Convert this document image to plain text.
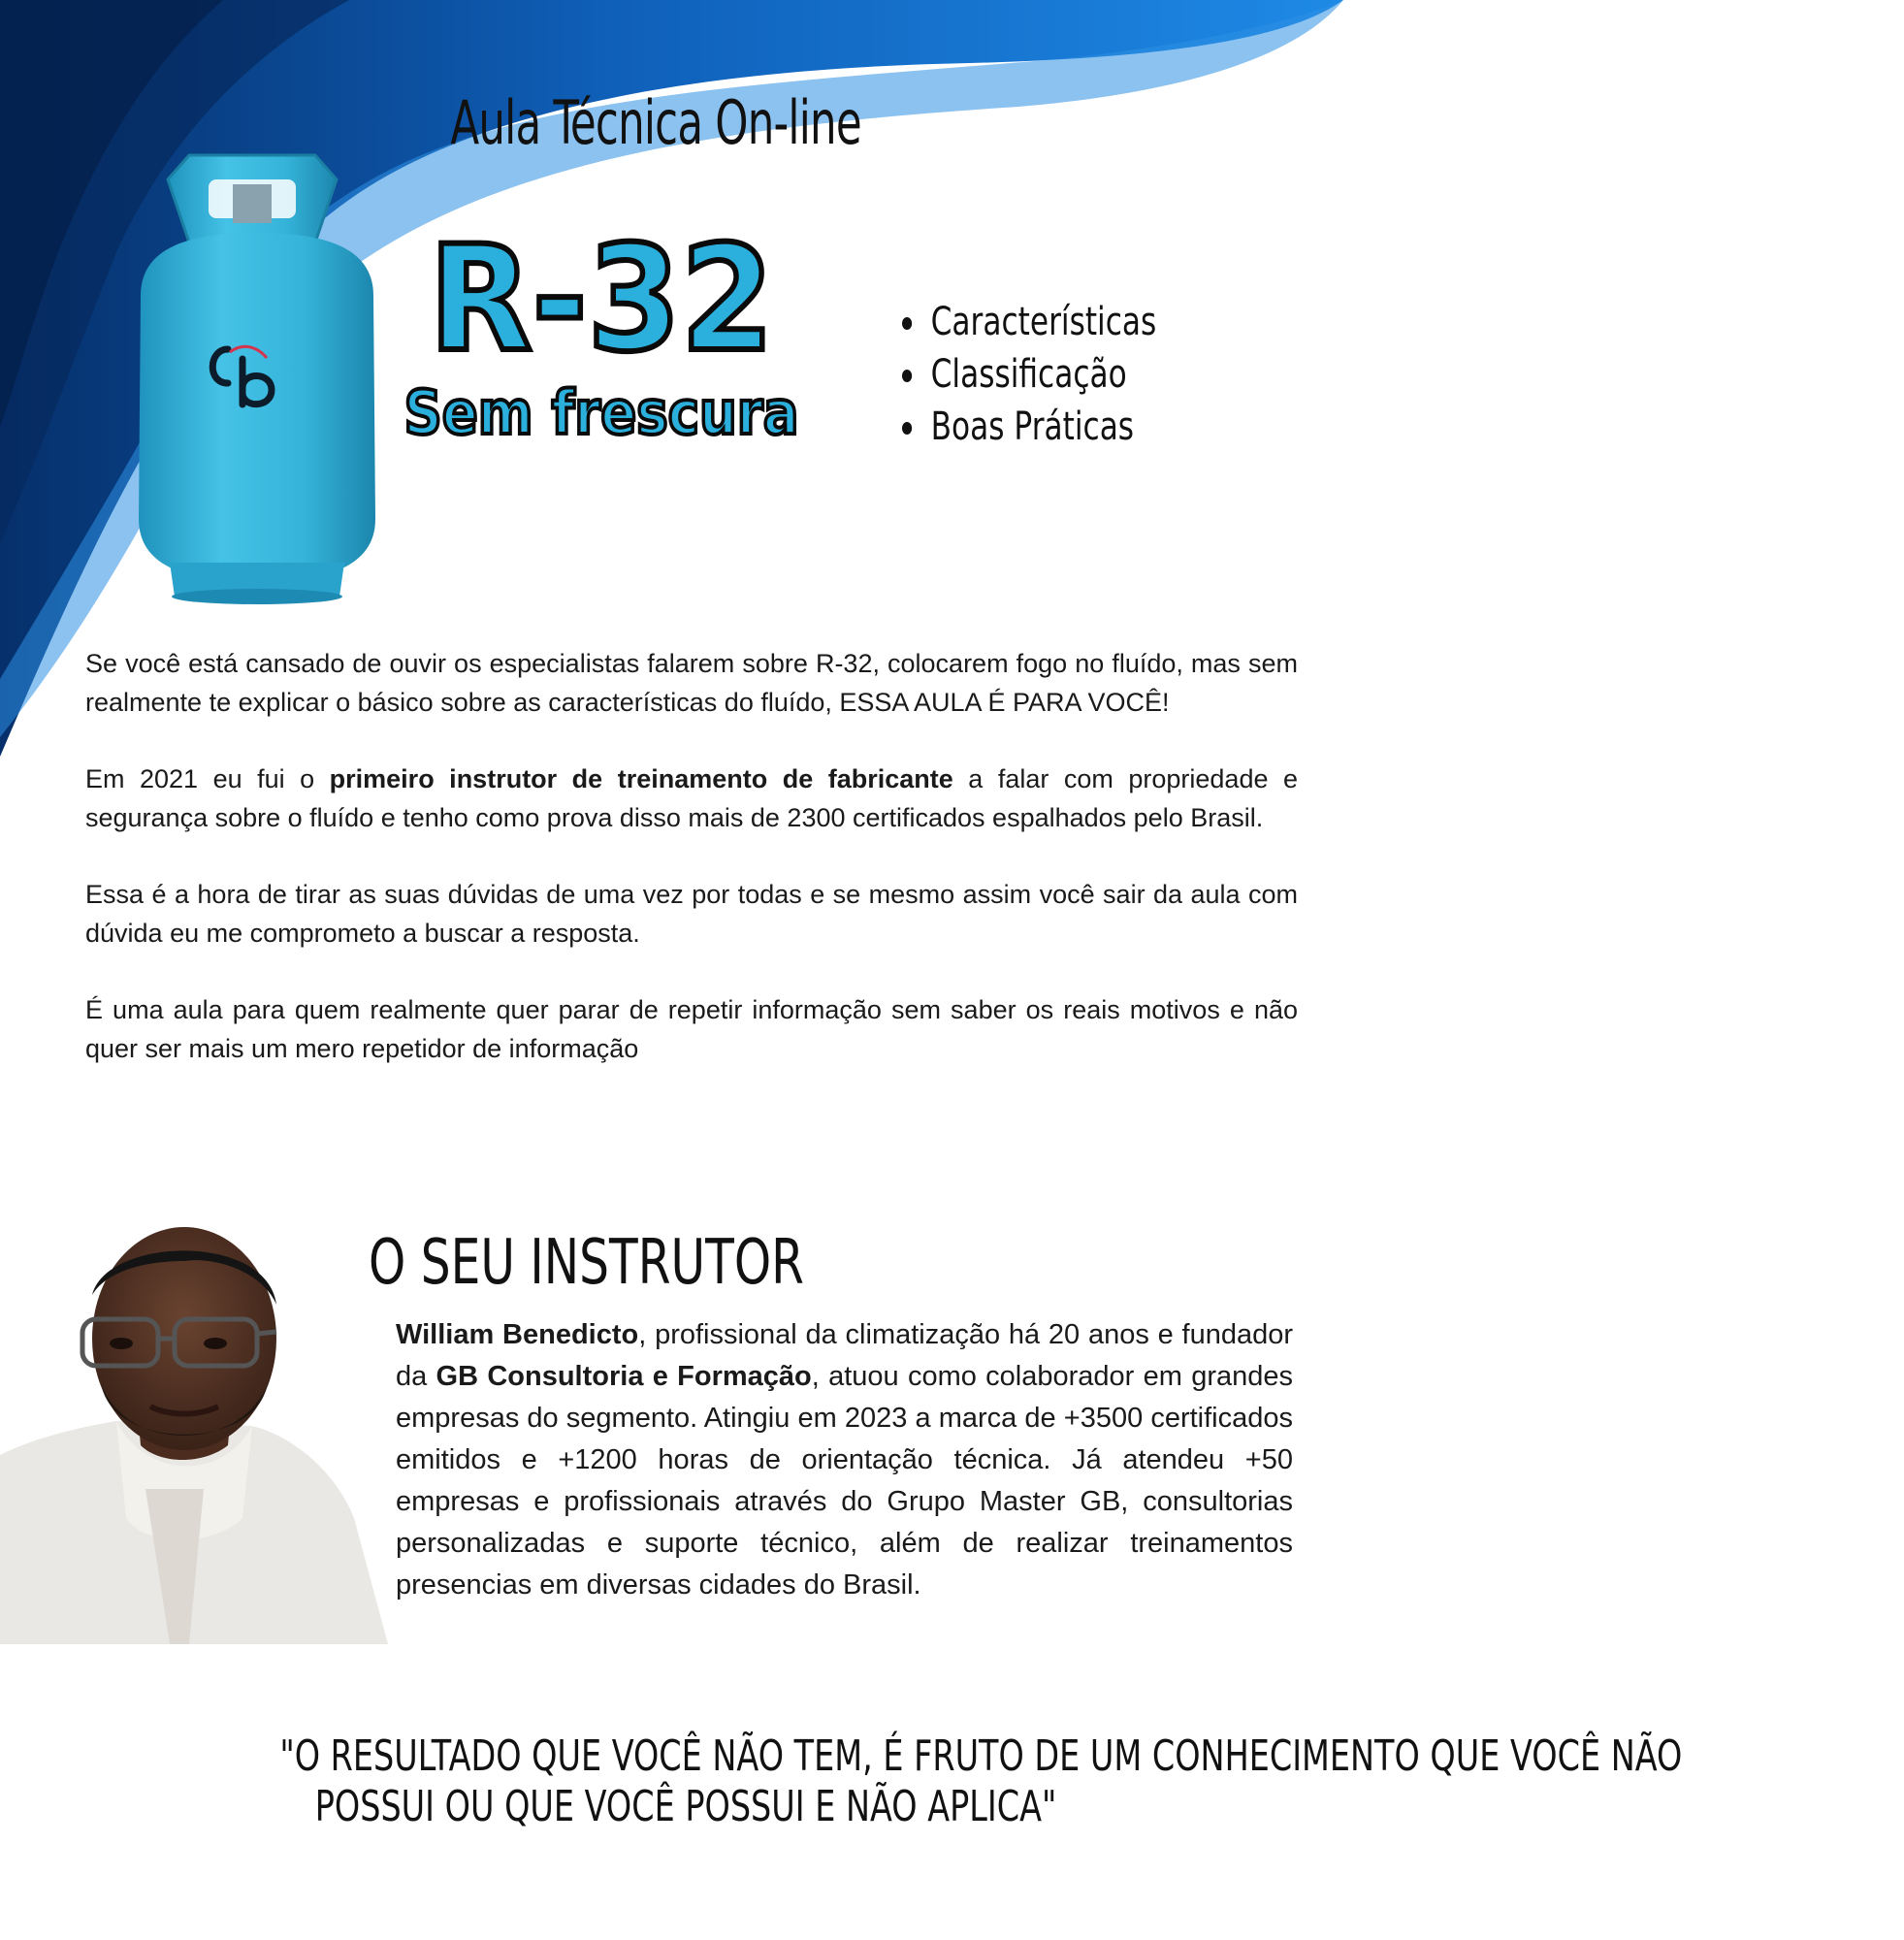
Aula Técnica On-line
R-32
Sem frescura
Características
Classificação
Boas Práticas

Se você está cansado de ouvir os especialistas falarem sobre R-32, colocarem fogo no fluído, mas sem realmente te explicar o básico sobre as características do fluído, ESSA AULA É PARA VOCÊ!

Em 2021 eu fui o primeiro instrutor de treinamento de fabricante a falar com propriedade e segurança sobre o fluído e tenho como prova disso mais de 2300 certificados espalhados pelo Brasil.

Essa é a hora de tirar as suas dúvidas de uma vez por todas e se mesmo assim você sair da aula com dúvida eu me comprometo a buscar a resposta.

É uma aula para quem realmente quer parar de repetir informação sem saber os reais motivos e não quer ser mais um mero repetidor de informação

O SEU INSTRUTOR

William Benedicto, profissional da climatização há 20 anos e fundador da GB Consultoria e Formação, atuou como colaborador em grandes empresas do segmento. Atingiu em 2023 a marca de +3500 certificados emitidos e +1200 horas de orientação técnica. Já atendeu +50 empresas e profissionais através do Grupo Master GB, consultorias personalizadas e suporte técnico, além de realizar treinamentos presencias em diversas cidades do Brasil.

"O RESULTADO QUE VOCÊ NÃO TEM, É FRUTO DE UM CONHECIMENTO QUE VOCÊ NÃO
POSSUI OU QUE VOCÊ POSSUI E NÃO APLICA"
